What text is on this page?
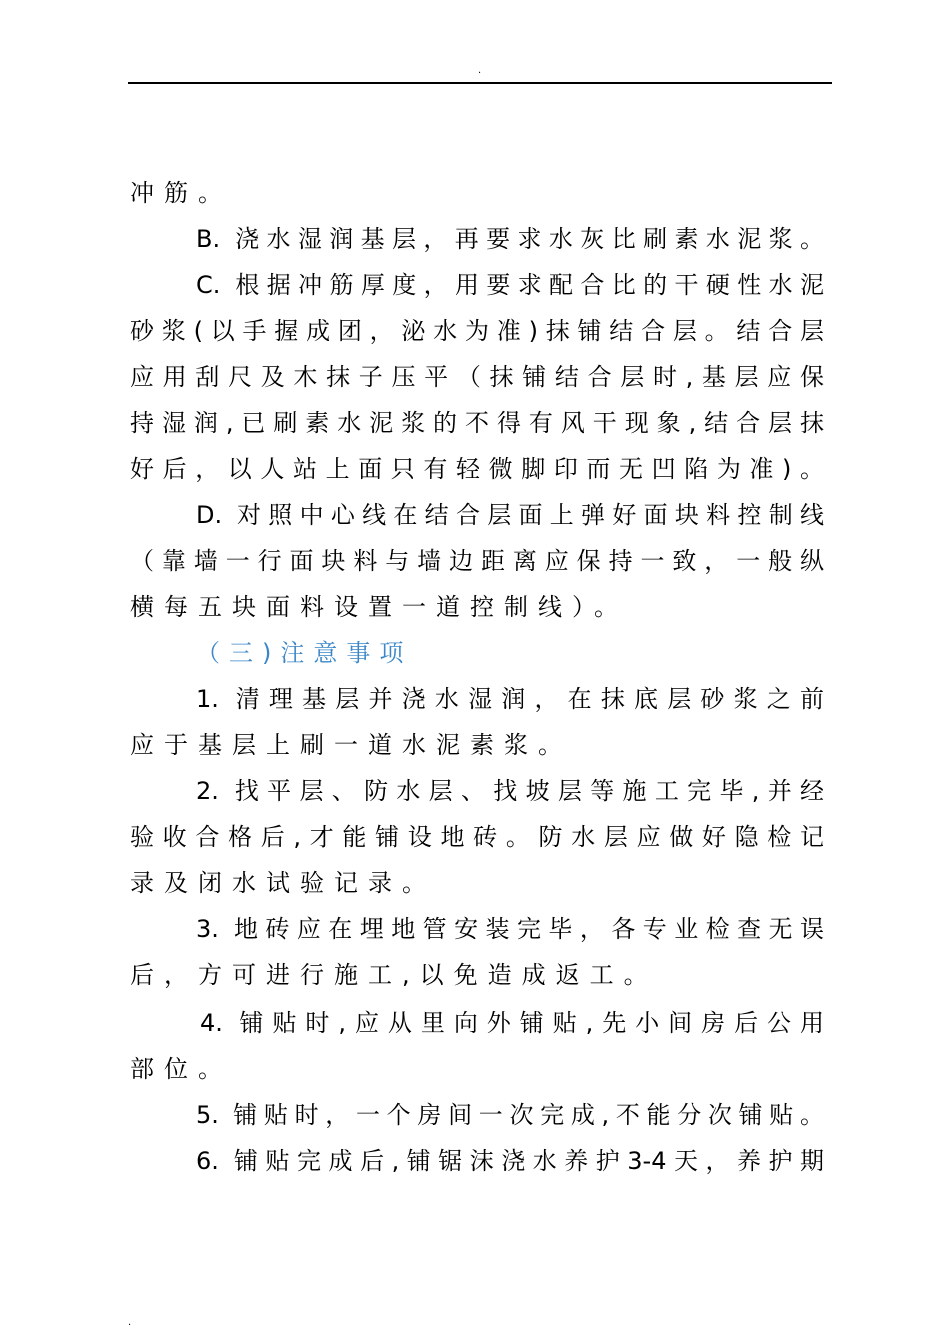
.
冲筋。
B. 浇水湿润基层，再要求水灰比刷素水泥浆。
C. 根据冲筋厚度，用要求配合比的干硬性水泥
砂浆(以手握成团，泌水为准)抹铺结合层。结合层
应用刮尺及木抹子压平（抹铺结合层时,基层应保
持湿润,已刷素水泥浆的不得有风干现象,结合层抹
好后，以人站上面只有轻微脚印而无凹陷为准)。
D. 对照中心线在结合层面上弹好面块料控制线
（靠墙一行面块料与墙边距离应保持一致，一般纵
横每五块面料设置一道控制线）。
（三)注意事项
1. 清理基层并浇水湿润，在抹底层砂浆之前
应于基层上刷一道水泥素浆。
2. 找平层、防水层、找坡层等施工完毕,并经
验收合格后,才能铺设地砖。防水层应做好隐检记
录及闭水试验记录。
3. 地砖应在埋地管安装完毕，各专业检查无误
后，方可进行施工,以免造成返工。
4. 铺贴时,应从里向外铺贴,先小间房后公用
部位。
5. 铺贴时，一个房间一次完成,不能分次铺贴。
6. 铺贴完成后,铺锯沫浇水养护3-4天，养护期
.
